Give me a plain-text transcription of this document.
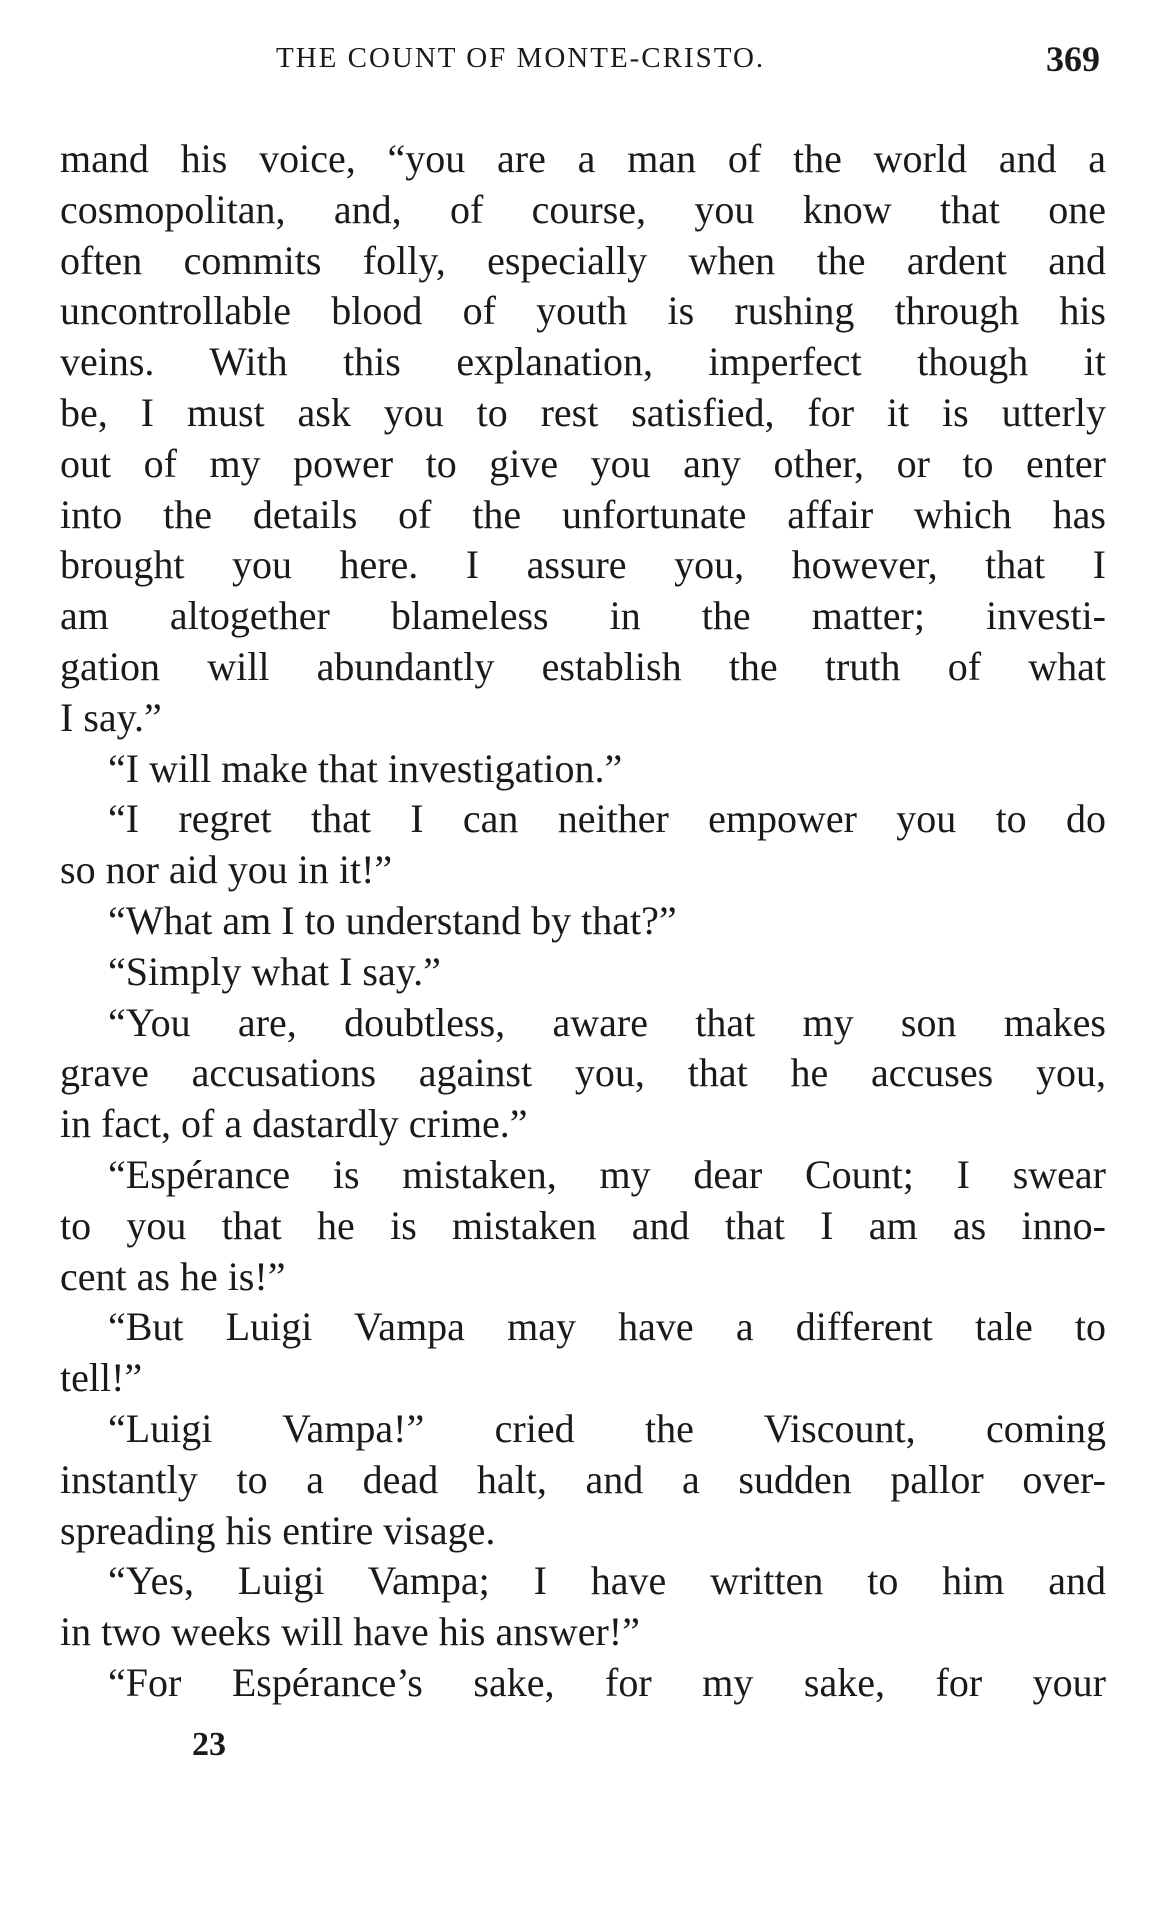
THE COUNT OF MONTE-CRISTO.	369
mand his voice, “you are a man of the world and a
cosmopolitan, and, of course, you know that one
often commits folly, especially when the ardent and
uncontrollable blood of youth is rushing through his
veins. With this explanation, imperfect though it
be, I must ask you to rest satisfied, for it is utterly
out of my power to give you any other, or to enter
into the details of the unfortunate affair which has
brought you here. I assure you, however, that I
am altogether blameless in the matter; investi-
gation will abundantly establish the truth of what
I say.”
“I will make that investigation.”
“I regret that I can neither empower you to do
so nor aid you in it!”
“What am I to understand by that?”
“Simply what I say.”
“You are, doubtless, aware that my son makes
grave accusations against you, that he accuses you,
in fact, of a dastardly crime.”
“Espérance is mistaken, my dear Count; I swear
to you that he is mistaken and that I am as inno-
cent as he is!”
“But Luigi Vampa may have a different tale to
tell!”
“Luigi Vampa!” cried the Viscount, coming
instantly to a dead halt, and a sudden pallor over-
spreading his entire visage.
“Yes, Luigi Vampa; I have written to him and
in two weeks will have his answer!”
“For Espérance’s sake, for my sake, for your
23
